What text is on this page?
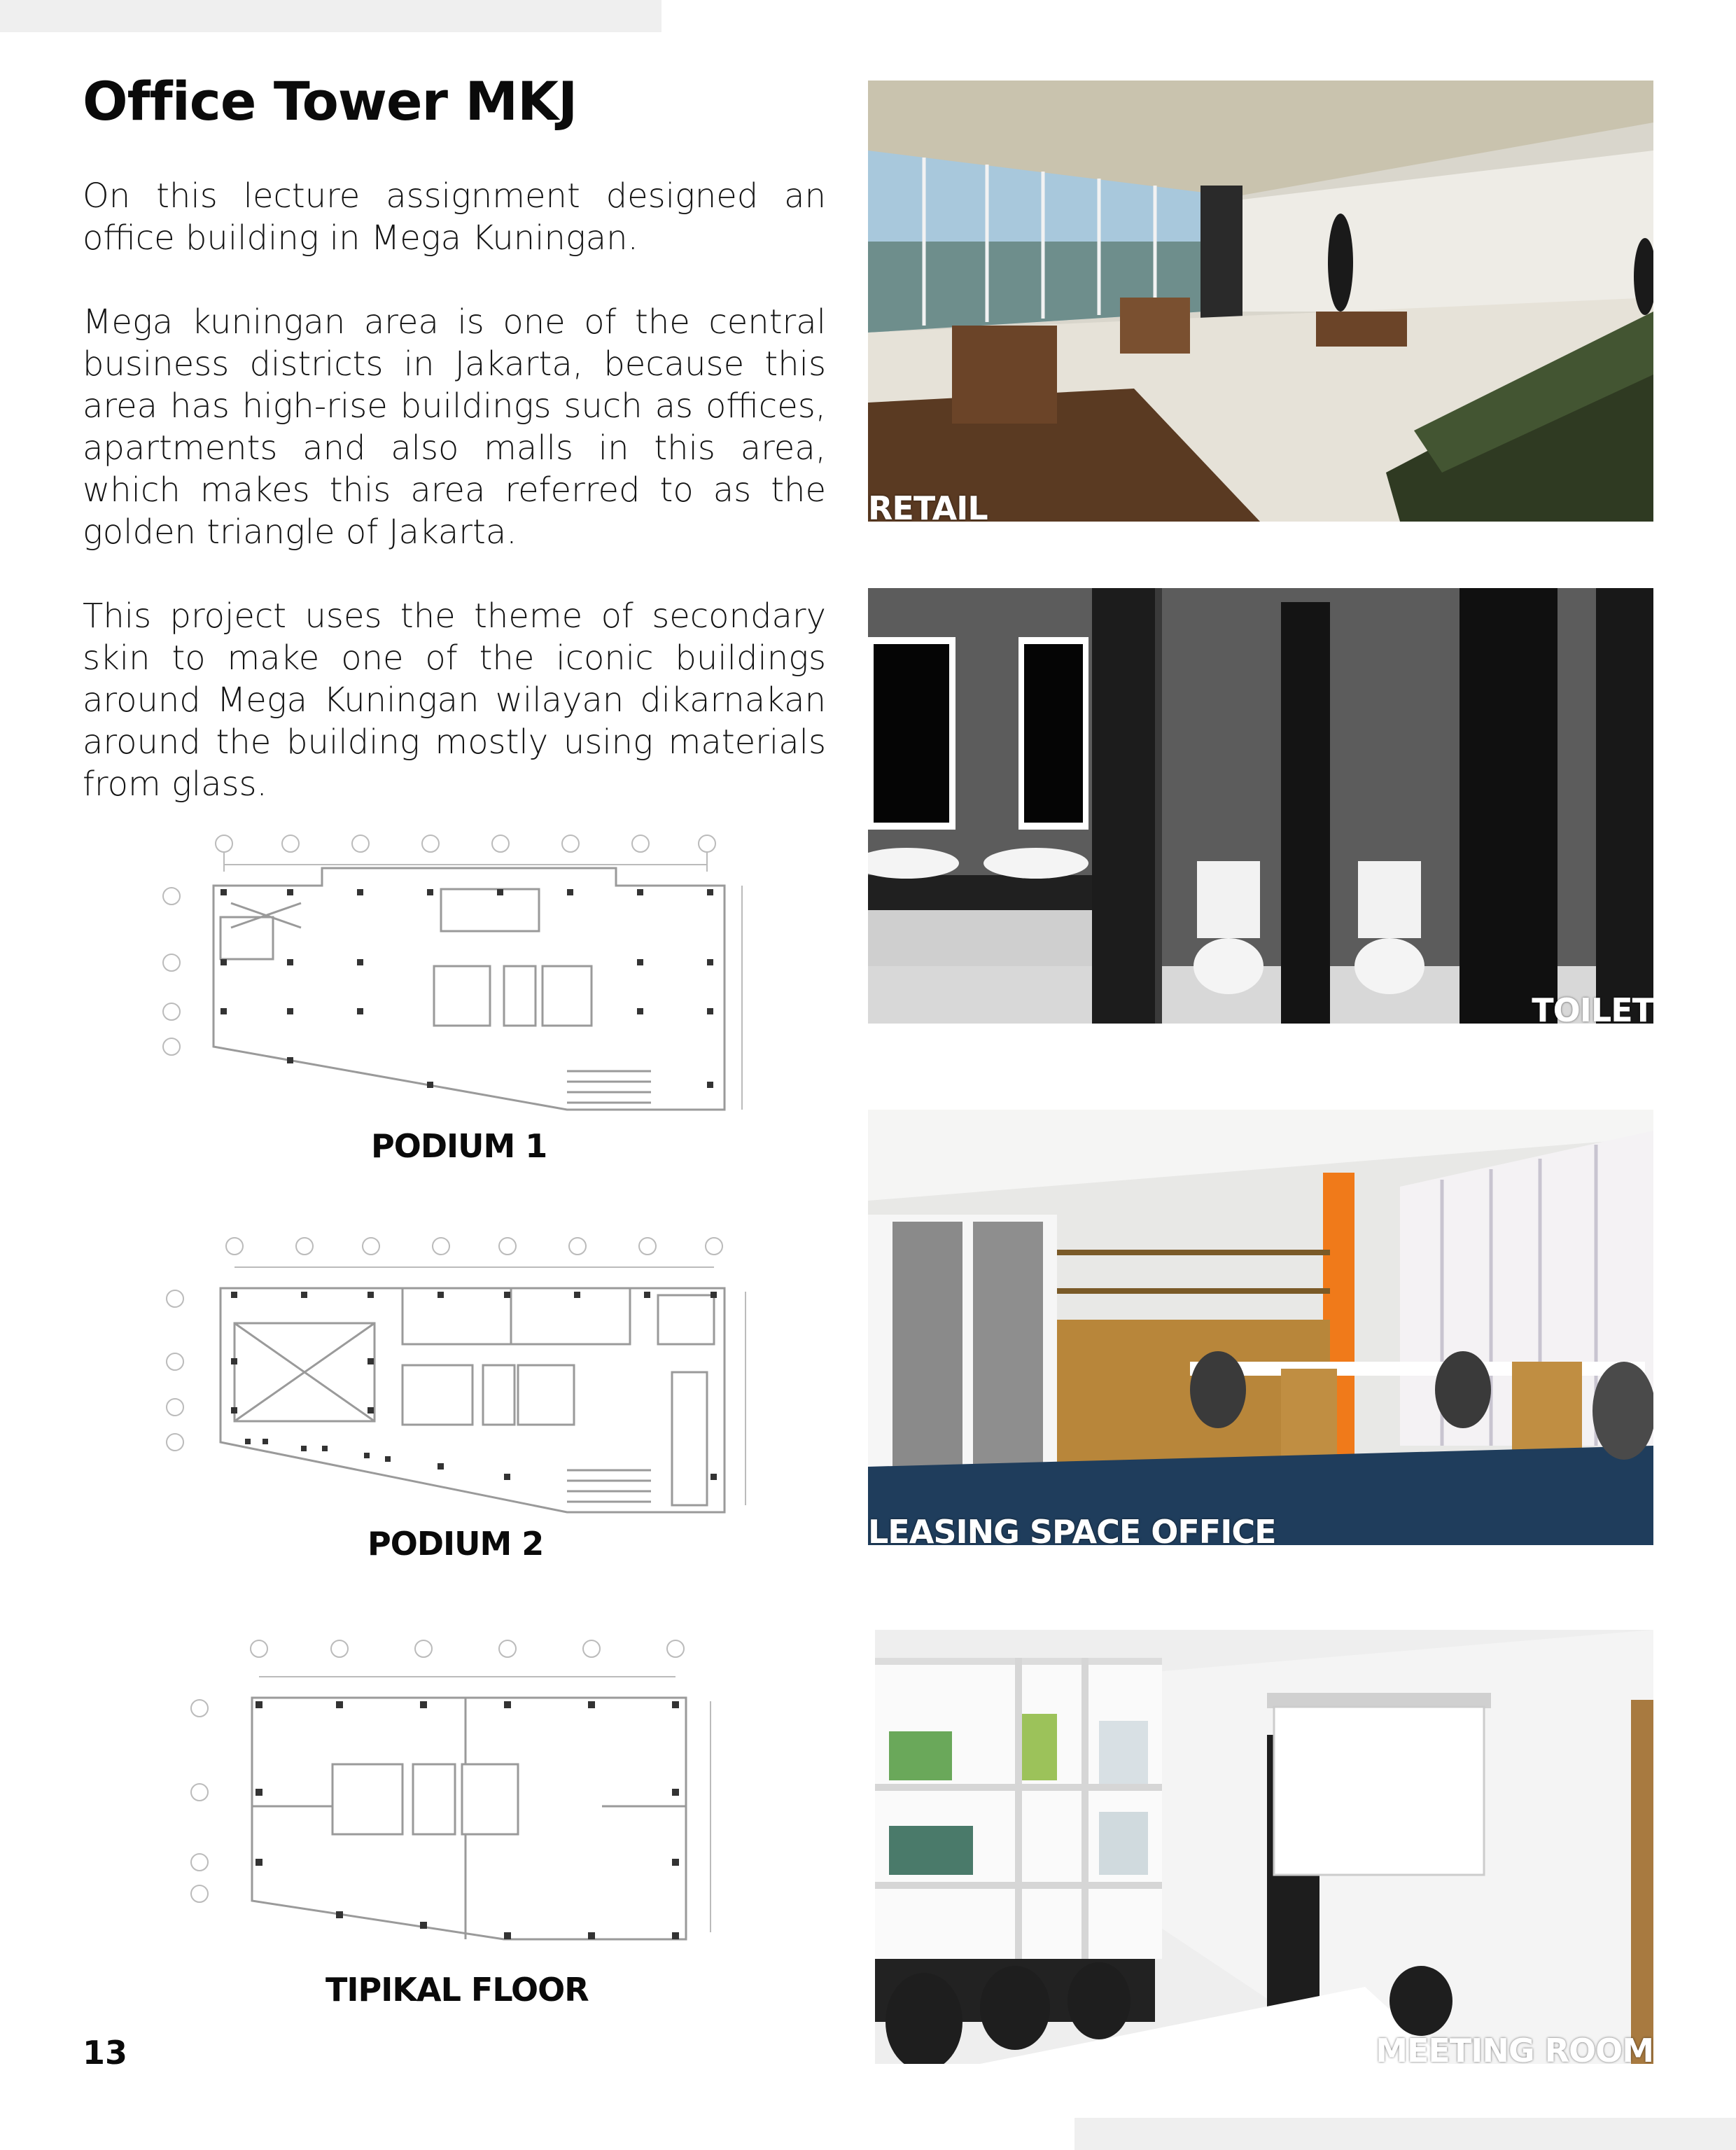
Office Tower MKJ

On this lecture assignment designed an office building in Mega Kuningan.

Mega kuningan area is one of the central business districts in Jakarta, because this area has high-rise buildings such as offices, apartments and also malls in this area, which makes this area referred to as the golden triangle of Jakarta.

This project uses the theme of secondary skin to make one of the iconic buildings around Mega Kuningan wilayan dikarnakan around the building mostly using materials from glass.

PODIUM 1
PODIUM 2
TIPIKAL FLOOR
RETAIL
TOILET
LEASING SPACE OFFICE
MEETING ROOM
13
